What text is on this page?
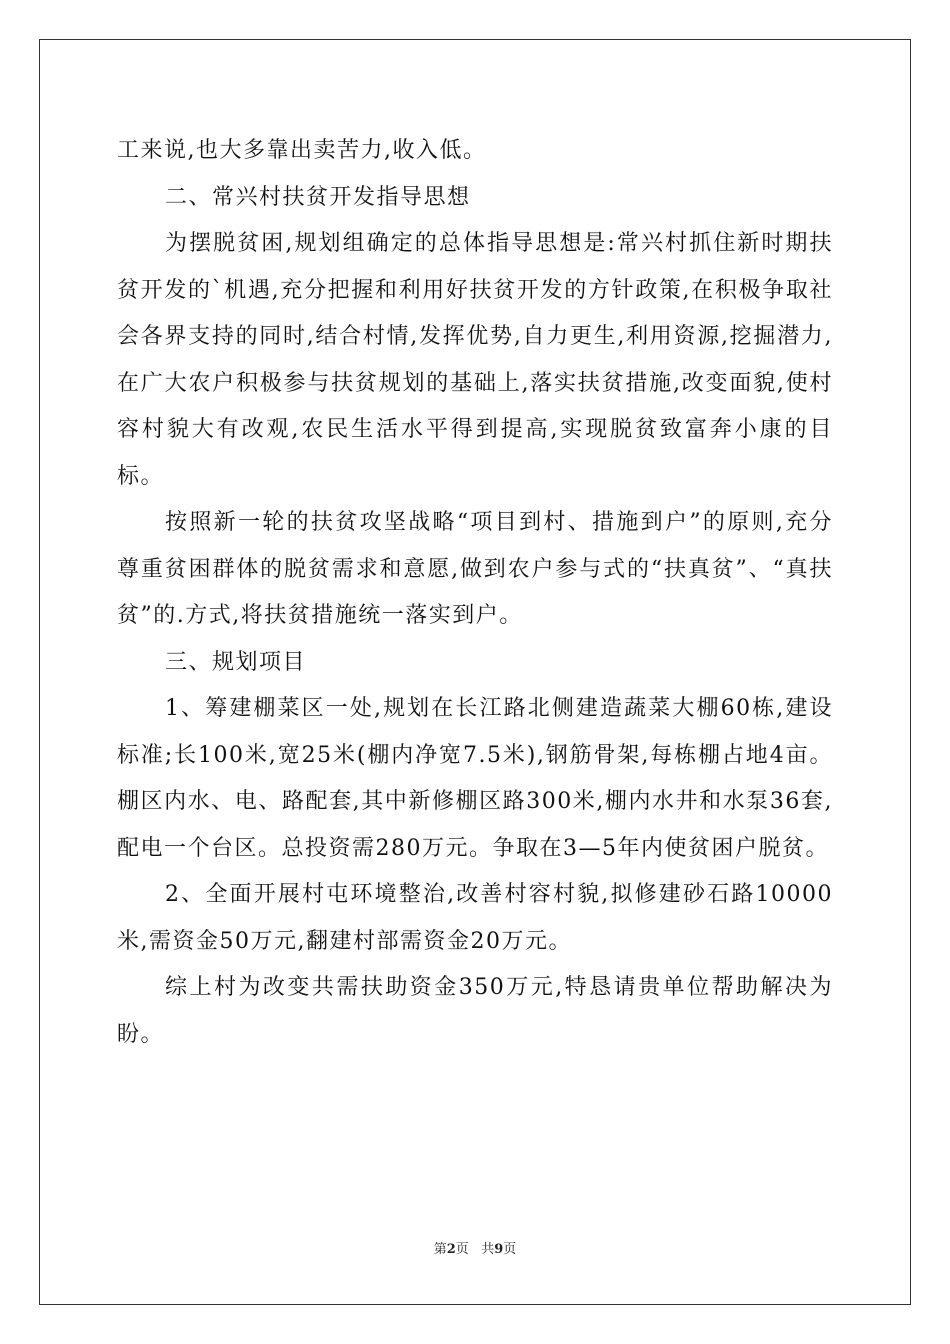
工来说,也大多靠出卖苦力,收入低。

二、常兴村扶贫开发指导思想

为摆脱贫困,规划组确定的总体指导思想是:常兴村抓住新时期扶贫开发的`机遇,充分把握和利用好扶贫开发的方针政策,在积极争取社会各界支持的同时,结合村情,发挥优势,自力更生,利用资源,挖掘潜力,在广大农户积极参与扶贫规划的基础上,落实扶贫措施,改变面貌,使村容村貌大有改观,农民生活水平得到提高,实现脱贫致富奔小康的目标。

按照新一轮的扶贫攻坚战略“项目到村、措施到户”的原则,充分尊重贫困群体的脱贫需求和意愿,做到农户参与式的“扶真贫”、“真扶贫”的.方式,将扶贫措施统一落实到户。

三、规划项目

1、筹建棚菜区一处,规划在长江路北侧建造蔬菜大棚60栋,建设标准;长100米,宽25米(棚内净宽7.5米),钢筋骨架,每栋棚占地4亩。棚区内水、电、路配套,其中新修棚区路300米,棚内水井和水泵36套,配电一个台区。总投资需280万元。争取在3—5年内使贫困户脱贫。

2、全面开展村屯环境整治,改善村容村貌,拟修建砂石路10000米,需资金50万元,翻建村部需资金20万元。

综上村为改变共需扶助资金350万元,特恳请贵单位帮助解决为盼。

第2页 共9页
